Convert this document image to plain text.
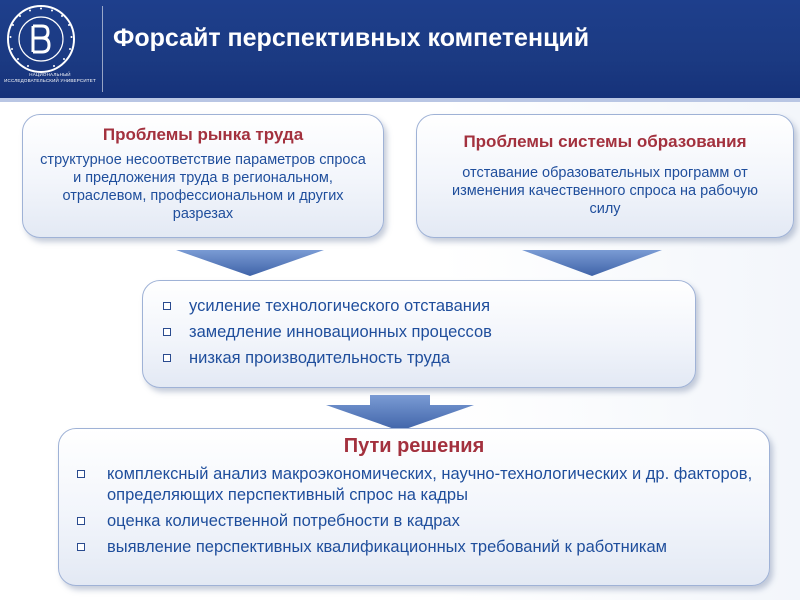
НАЦИОНАЛЬНЫЙ ИССЛЕДОВАТЕЛЬСКИЙ УНИВЕРСИТЕТ
Форсайт перспективных компетенций
Проблемы рынка труда
структурное несоответствие параметров спроса и предложения труда в региональном, отраслевом, профессиональном и других разрезах
Проблемы системы образования
отставание образовательных программ от изменения качественного спроса на рабочую силу
усиление технологического отставания
замедление инновационных процессов
низкая производительность труда
Пути решения
комплексный анализ макроэкономических, научно-технологических и др. факторов, определяющих перспективный спрос на кадры
оценка количественной потребности в кадрах
выявление перспективных квалификационных требований к работникам
